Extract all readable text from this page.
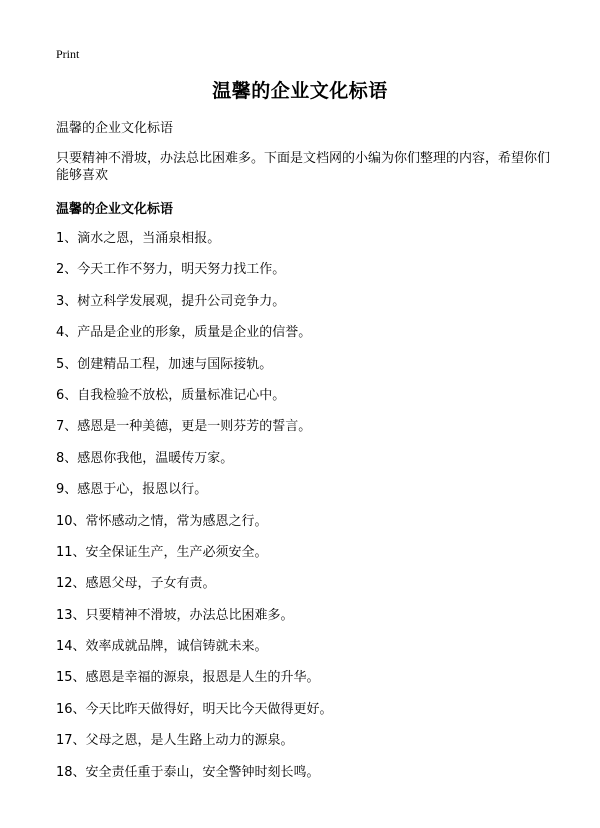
Print
温馨的企业文化标语
温馨的企业文化标语
只要精神不滑坡，办法总比困难多。下面是文档网的小编为你们整理的内容，希望你们能够喜欢
温馨的企业文化标语
1、滴水之恩，当涌泉相报。
2、今天工作不努力，明天努力找工作。
3、树立科学发展观，提升公司竞争力。
4、产品是企业的形象，质量是企业的信誉。
5、创建精品工程，加速与国际接轨。
6、自我检验不放松，质量标准记心中。
7、感恩是一种美德，更是一则芬芳的誓言。
8、感恩你我他，温暖传万家。
9、感恩于心，报恩以行。
10、常怀感动之情，常为感恩之行。
11、安全保证生产，生产必须安全。
12、感恩父母，子女有责。
13、只要精神不滑坡，办法总比困难多。
14、效率成就品牌，诚信铸就未来。
15、感恩是幸福的源泉，报恩是人生的升华。
16、今天比昨天做得好，明天比今天做得更好。
17、父母之恩，是人生路上动力的源泉。
18、安全责任重于泰山，安全警钟时刻长鸣。
